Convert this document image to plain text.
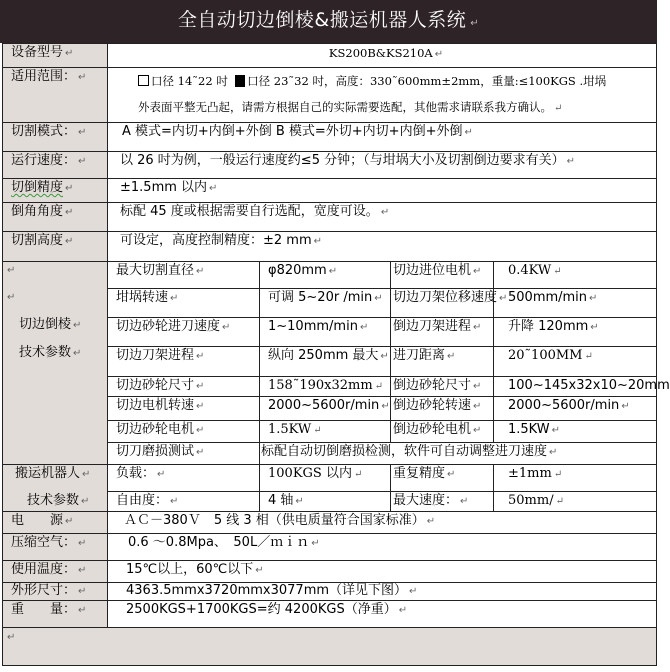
全自动切边倒棱&搬运机器人系统 ↵
设备型号 ↵	KS200B&KS210A ↵			
适用范围： ↵	口径 14˜22 吋 口径 23˜32 吋，高度：330˜600mm±2mm，重量:≤100KGS .坩埚
外表面平整无凸起，请需方根据自己的实际需要选配，其他需求请联系我方确认。 ↵			

切割模式： ↵	A 模式=内切+内倒+外倒 B 模式=外切+内切+内倒+外倒 ↵			
运行速度： ↵	以 26 吋为例，一般运行速度约≤5 分钟；（与坩埚大小及切割倒边要求有关） ↵			
切倒精度 ↵	±1.5mm 以内 ↵			
倒角角度 ↵	标配 45 度或根据需要自行选配，宽度可设。 ↵			
切割高度 ↵	可设定，高度控制精度：±2 mm ↵			

↵
↵
切边倒棱 ↵
技术参数 ↵	最大切割直径 ↵	φ820mm ↵	切边进位电机 ↵	0.4KW ↵
	坩埚转速 ↵	可调 5~20r /min ↵	切边刀架位移速度 ↵	500mm/min ↵
	切边砂轮进刀速度 ↵	1~10mm/min ↵	倒边刀架进程 ↵	升降 120mm ↵
	切边刀架进程 ↵	纵向 250mm 最大 ↵	进刀距离 ↵	20˜100MM ↵
	切边砂轮尺寸 ↵	158˜190x32mm ↵	倒边砂轮尺寸 ↵	100~145x32x10~20mm
	切边电机转速 ↵	2000~5600r/min ↵	倒边砂轮转速 ↵	2000~5600r/min ↵
	切边砂轮电机 ↵	1.5KW ↵	倒边砂轮电机 ↵	1.5KW ↵
	切刀磨损测试 ↵	标配自动切倒磨损检测，软件可自动调整进刀速度 ↵		

搬运机器人 ↵
技术参数 ↵	负载： ↵	100KGS 以内 ↵	重复精度 ↵	±1mm ↵
	自由度： ↵	4 轴 ↵	最大速度： ↵	50mm/ ↵
电　　源 ↵	ＡＣ－380Ｖ　5 线 3 相（供电质量符合国家标准） ↵			
压缩空气： ↵	0.6 ～0.8Mpa、　50L／ｍｉｎ ↵			
使用温度： ↵	15℃以上，60℃以下 ↵			
外形尺寸： ↵	4363.5mmx3720mmx3077mm（详见下图） ↵			
重　　量： ↵	2500KGS+1700KGS=约 4200KGS（净重） ↵			
↵				
